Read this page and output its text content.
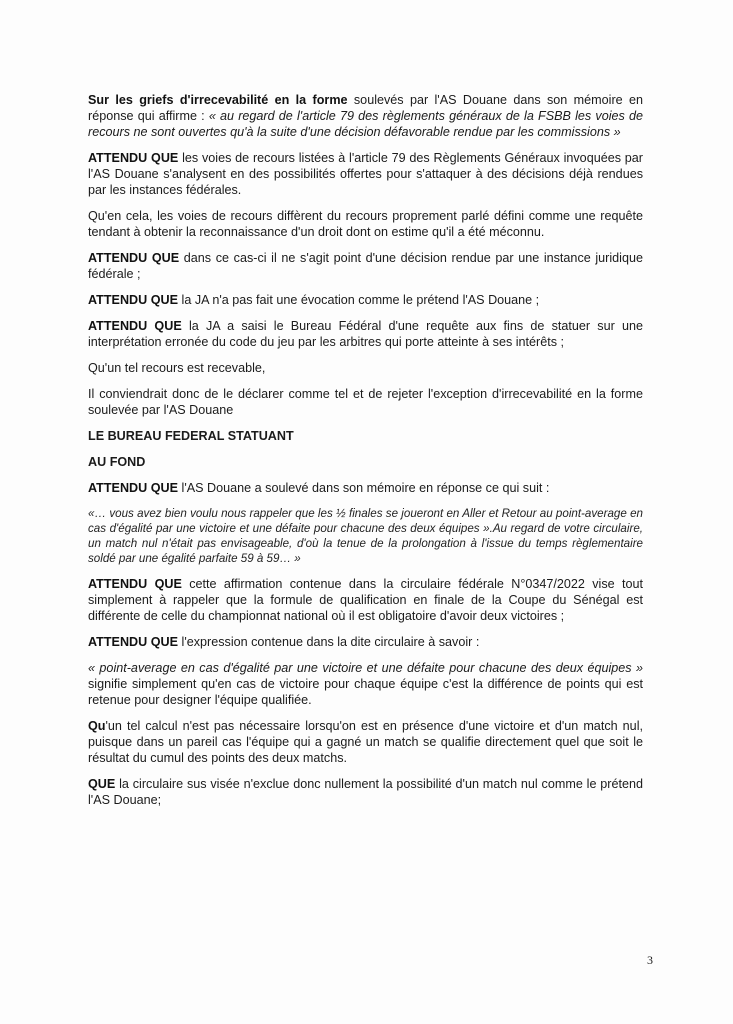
Sur les griefs d'irrecevabilité en la forme soulevés par l'AS Douane dans son mémoire en réponse qui affirme : « au regard de l'article 79 des règlements généraux de la FSBB les voies de recours ne sont ouvertes qu'à la suite d'une décision défavorable rendue par les commissions »

ATTENDU QUE les voies de recours listées à l'article 79 des Règlements Généraux invoquées par l'AS Douane s'analysent en des possibilités offertes pour s'attaquer à des décisions déjà rendues par les instances fédérales.

Qu'en cela, les voies de recours diffèrent du recours proprement parlé défini comme une requête tendant à obtenir la reconnaissance d'un droit dont on estime qu'il a été méconnu.

ATTENDU QUE dans ce cas-ci il ne s'agit point d'une décision rendue par une instance juridique fédérale ;

ATTENDU QUE la JA n'a pas fait une évocation comme le prétend l'AS Douane ;

ATTENDU QUE la JA a saisi le Bureau Fédéral d'une requête aux fins de statuer sur une interprétation erronée du code du jeu par les arbitres qui porte atteinte à ses intérêts ;

Qu'un tel recours est recevable,

Il conviendrait donc de le déclarer comme tel et de rejeter l'exception d'irrecevabilité en la forme soulevée par l'AS Douane

LE BUREAU FEDERAL STATUANT

AU FOND

ATTENDU QUE l'AS Douane a soulevé dans son mémoire en réponse ce qui suit :

«… vous avez bien voulu nous rappeler que les ½ finales se joueront en Aller et Retour au point-average en cas d'égalité par une victoire et une défaite pour chacune des deux équipes ».Au regard de votre circulaire, un match nul n'était pas envisageable, d'où la tenue de la prolongation à l'issue du temps règlementaire soldé par une égalité parfaite 59 à 59… »

ATTENDU QUE cette affirmation contenue dans la circulaire fédérale N°0347/2022 vise tout simplement à rappeler que la formule de qualification en finale de la Coupe du Sénégal est différente de celle du championnat national où il est obligatoire d'avoir deux victoires ;

ATTENDU QUE l'expression contenue dans la dite circulaire à savoir :

« point-average en cas d'égalité par une victoire et une défaite pour chacune des deux équipes » signifie simplement qu'en cas de victoire pour chaque équipe c'est la différence de points qui est retenue pour designer l'équipe qualifiée.

Qu'un tel calcul n'est pas nécessaire lorsqu'on est en présence d'une victoire et d'un match nul, puisque dans un pareil cas l'équipe qui a gagné un match se qualifie directement quel que soit le résultat du cumul des points des deux matchs.

QUE la circulaire sus visée n'exclue donc nullement la possibilité d'un match nul comme le prétend l'AS Douane;

3
